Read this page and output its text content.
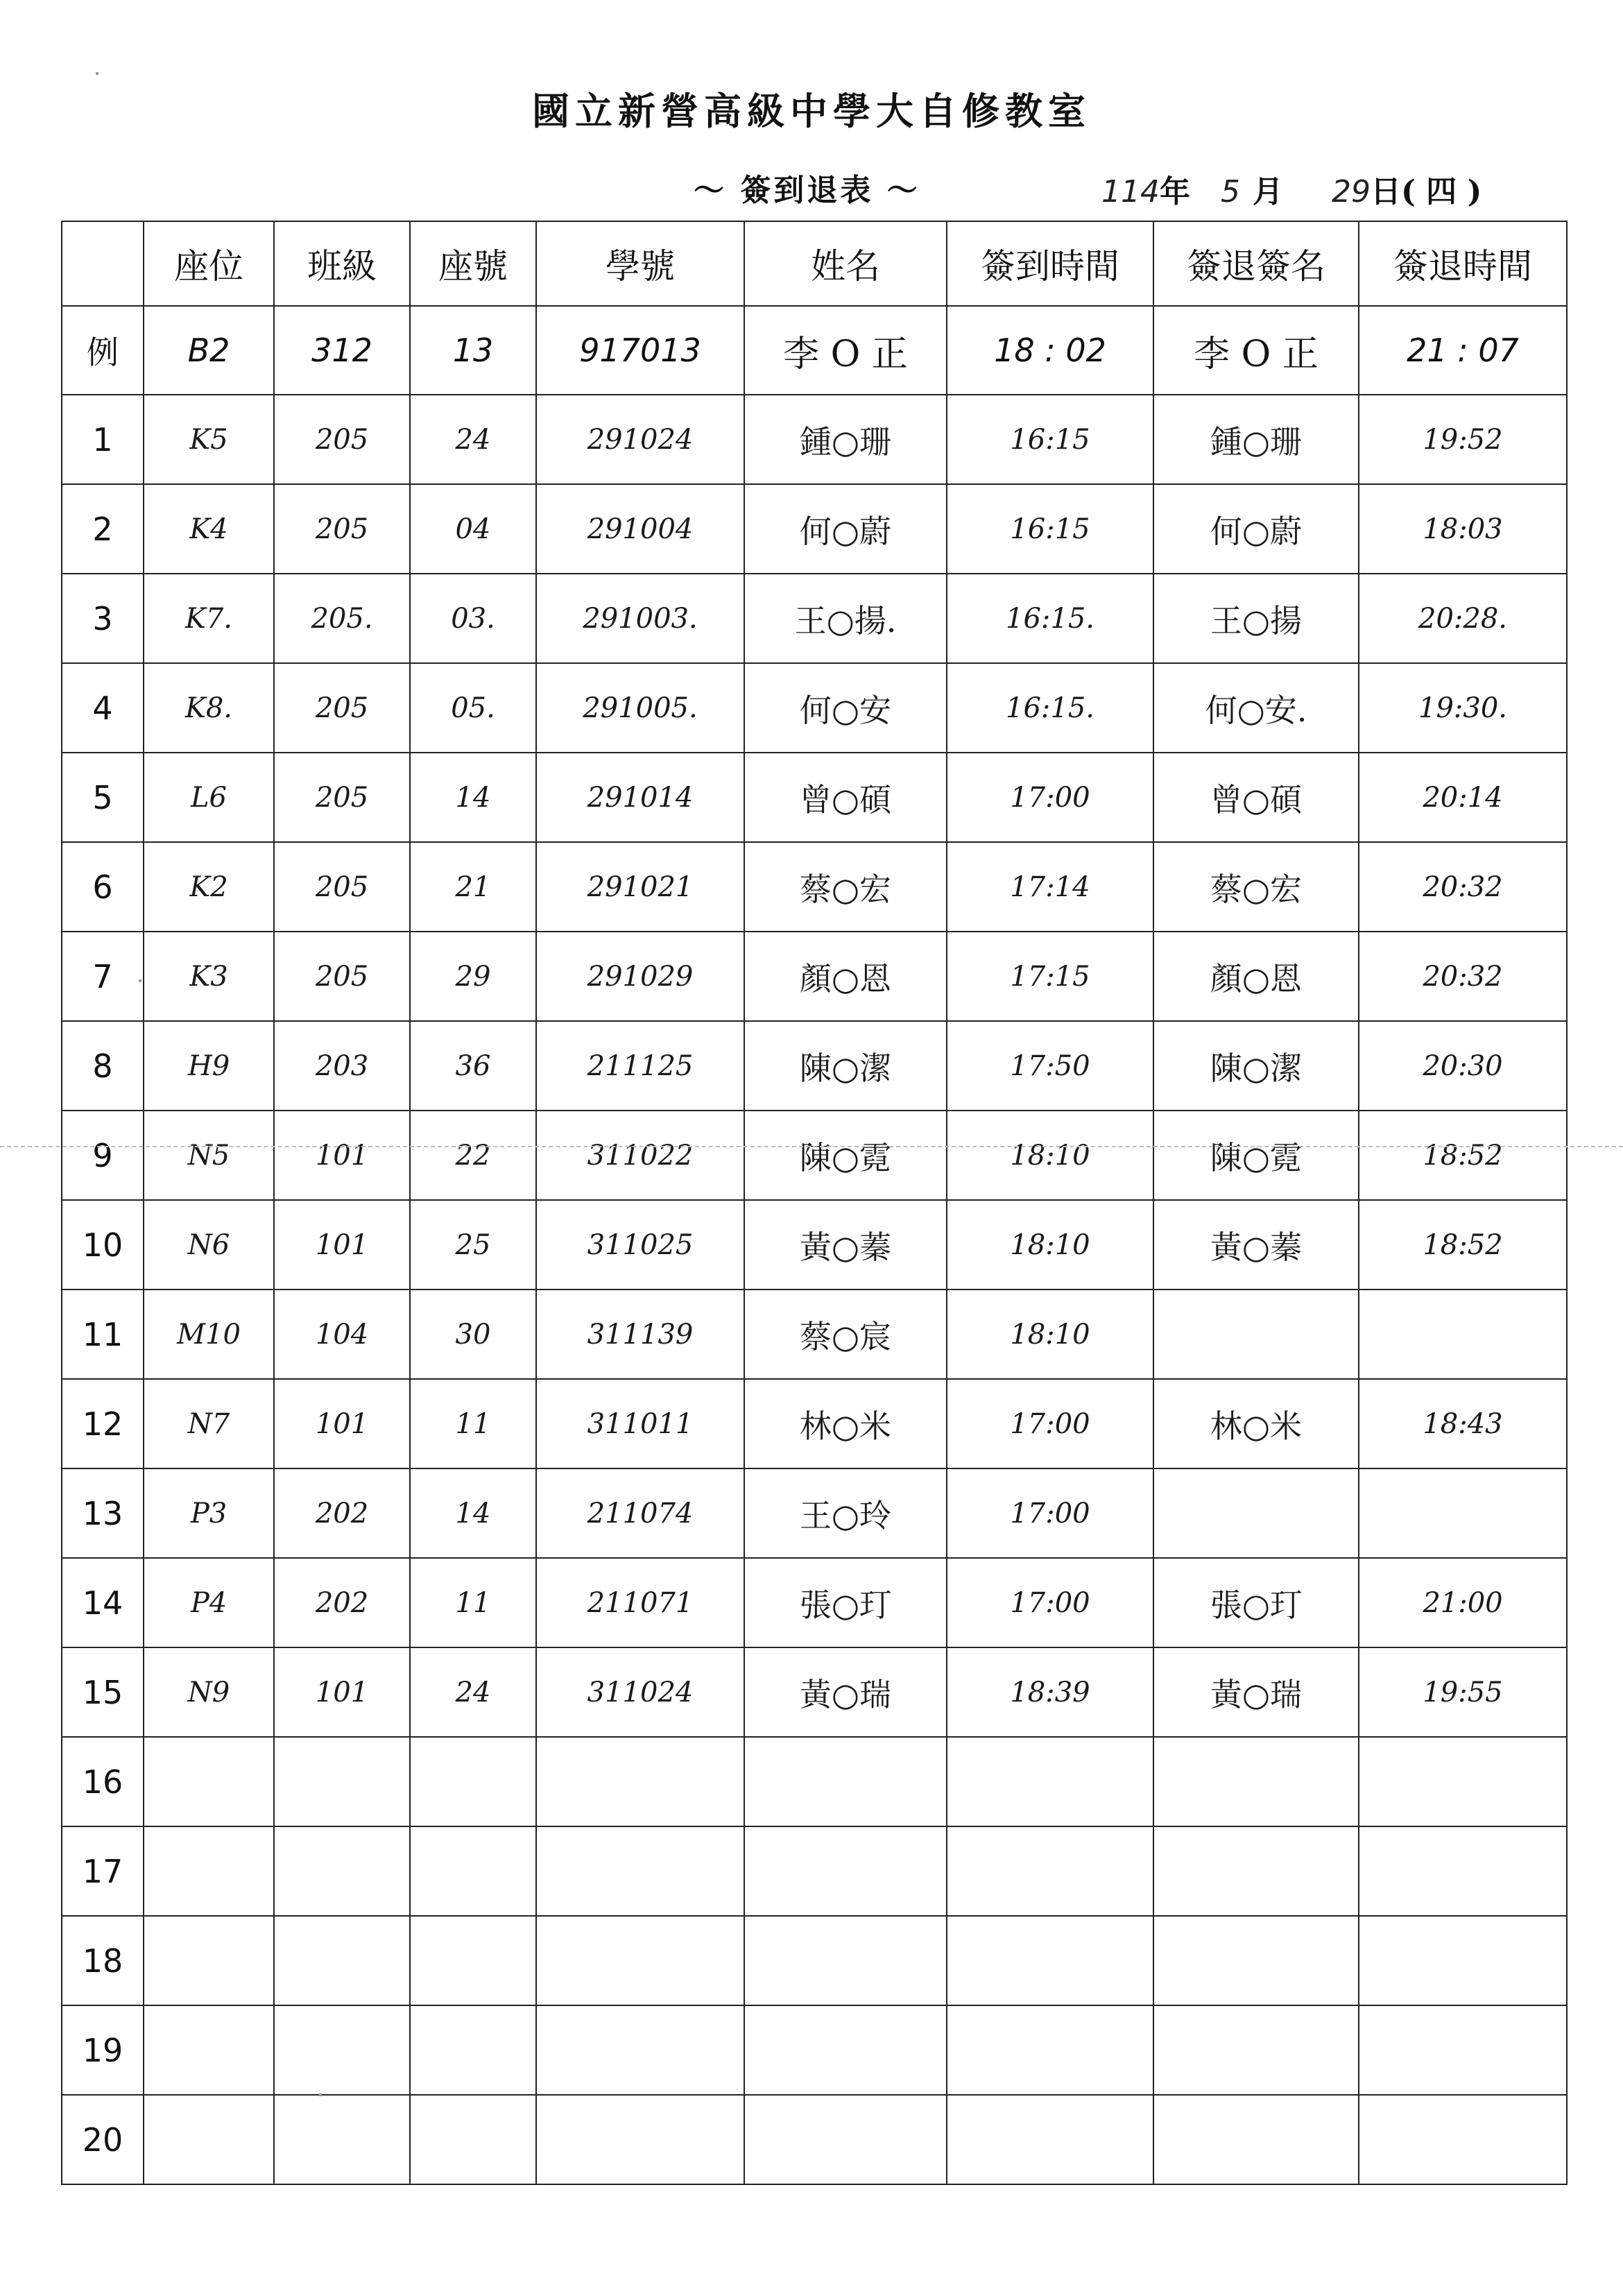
國立新營高級中學大自修教室
～ 簽到退表 ～	114 年 5 月 29 日 ( 四 )
	座位	班級	座號	學號	姓名	簽到時間	簽退簽名	簽退時間
例	B2	312	13	917013	李 O 正	18 : 02	李 O 正	21 : 07
1	K5	205	24	291024	鍾○珊	16:15	鍾○珊	19:52
2	K4	205	04	291004	何○蔚	16:15	何○蔚	18:03
3	K7.	205.	03.	291003.	王○揚.	16:15.	王○揚	20:28.
4	K8.	205	05.	291005.	何○安	16:15.	何○安.	19:30.
5	L6	205	14	291014	曾○碩	17:00	曾○碩	20:14
6	K2	205	21	291021	蔡○宏	17:14	蔡○宏	20:32
7	K3	205	29	291029	顏○恩	17:15	顏○恩	20:32
8	H9	203	36	211125	陳○潔	17:50	陳○潔	20:30
9	N5	101	22	311022	陳○霓	18:10	陳○霓	18:52
10	N6	101	25	311025	黃○蓁	18:10	黃○蓁	18:52
11	M10	104	30	311139	蔡○宸	18:10		
12	N7	101	11	311011	林○米	17:00	林○米	18:43
13	P3	202	14	211074	王○玲	17:00		
14	P4	202	11	211071	張○玎	17:00	張○玎	21:00
15	N9	101	24	311024	黃○瑞	18:39	黃○瑞	19:55
16								
17								
18								
19								
20								
